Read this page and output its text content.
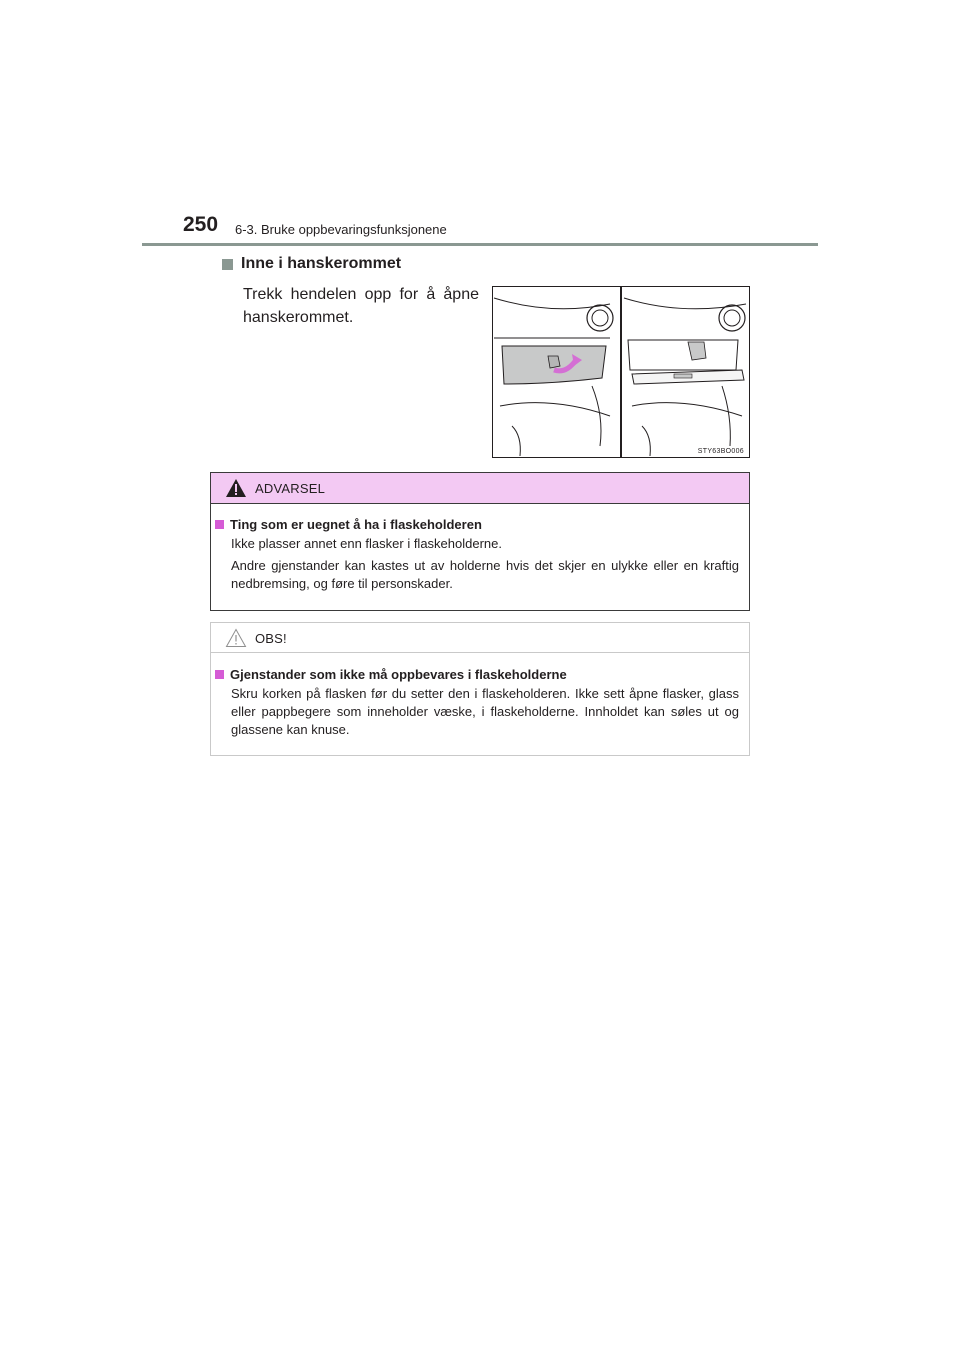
250 6-3. Bruke oppbevaringsfunksjonene
Inne i hanskerommet
Trekk hendelen opp for å åpne hanskerommet.
STY63BO006
ADVARSEL
Ting som er uegnet å ha i flaskeholderen
Ikke plasser annet enn flasker i flaskeholderne.
Andre gjenstander kan kastes ut av holderne hvis det skjer en ulykke eller en kraftig nedbremsing, og føre til personskader.
OBS!
Gjenstander som ikke må oppbevares i flaskeholderne
Skru korken på flasken før du setter den i flaskeholderen. Ikke sett åpne flasker, glass eller pappbegere som inneholder væske, i flaskeholderne. Innholdet kan søles ut og glassene kan knuse.
